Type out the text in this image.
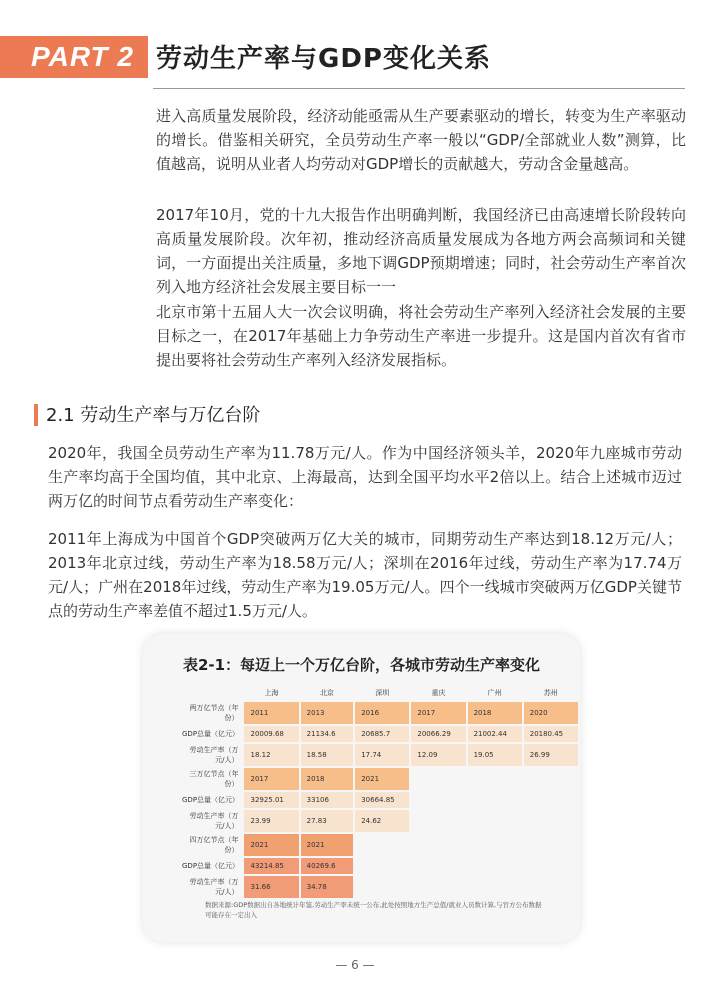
PART 2 劳动生产率与GDP变化关系

进入高质量发展阶段，经济动能亟需从生产要素驱动的增长，转变为生产率驱动的增长。借鉴相关研究，全员劳动生产率一般以“GDP/全部就业人数”测算，比值越高，说明从业者人均劳动对GDP增长的贡献越大，劳动含金量越高。

2017年10月，党的十九大报告作出明确判断，我国经济已由高速增长阶段转向高质量发展阶段。次年初，推动经济高质量发展成为各地方两会高频词和关键词，一方面提出关注质量，多地下调GDP预期增速；同时，社会劳动生产率首次列入地方经济社会发展主要目标一一

北京市第十五届人大一次会议明确，将社会劳动生产率列入经济社会发展的主要目标之一，在2017年基础上力争劳动生产率进一步提升。这是国内首次有省市提出要将社会劳动生产率列入经济发展指标。

2.1 劳动生产率与万亿台阶

2020年，我国全员劳动生产率为11.78万元/人。作为中国经济领头羊，2020年九座城市劳动生产率均高于全国均值，其中北京、上海最高，达到全国平均水平2倍以上。结合上述城市迈过两万亿的时间节点看劳动生产率变化：

2011年上海成为中国首个GDP突破两万亿大关的城市，同期劳动生产率达到18.12万元/人；2013年北京过线，劳动生产率为18.58万元/人；深圳在2016年过线，劳动生产率为17.74万元/人；广州在2018年过线，劳动生产率为19.05万元/人。四个一线城市突破两万亿GDP关键节点的劳动生产率差值不超过1.5万元/人。

表2-1：每迈上一个万亿台阶，各城市劳动生产率变化
	上海	北京	深圳	重庆	广州	苏州
两万亿节点（年份）	2011	2013	2016	2017	2018	2020
GDP总量（亿元）	20009.68	21134.6	20685.7	20066.29	21002.44	20180.45
劳动生产率（万元/人）	18.12	18.58	17.74	12.09	19.05	26.99
三万亿节点（年份）	2017	2018	2021			
GDP总量（亿元）	32925.01	33106	30664.85			
劳动生产率（万元/人）	23.99	27.83	24.62			
四万亿节点（年份）	2021	2021				
GDP总量（亿元）	43214.85	40269.6				
劳动生产率（万元/人）	31.66	34.78				
数据来源:GDP数据出自各地统计年鉴,劳动生产率未统一公布,此处按照地方生产总值/就业人员数计算,与官方公布数据可能存在一定出入
— 6 —
